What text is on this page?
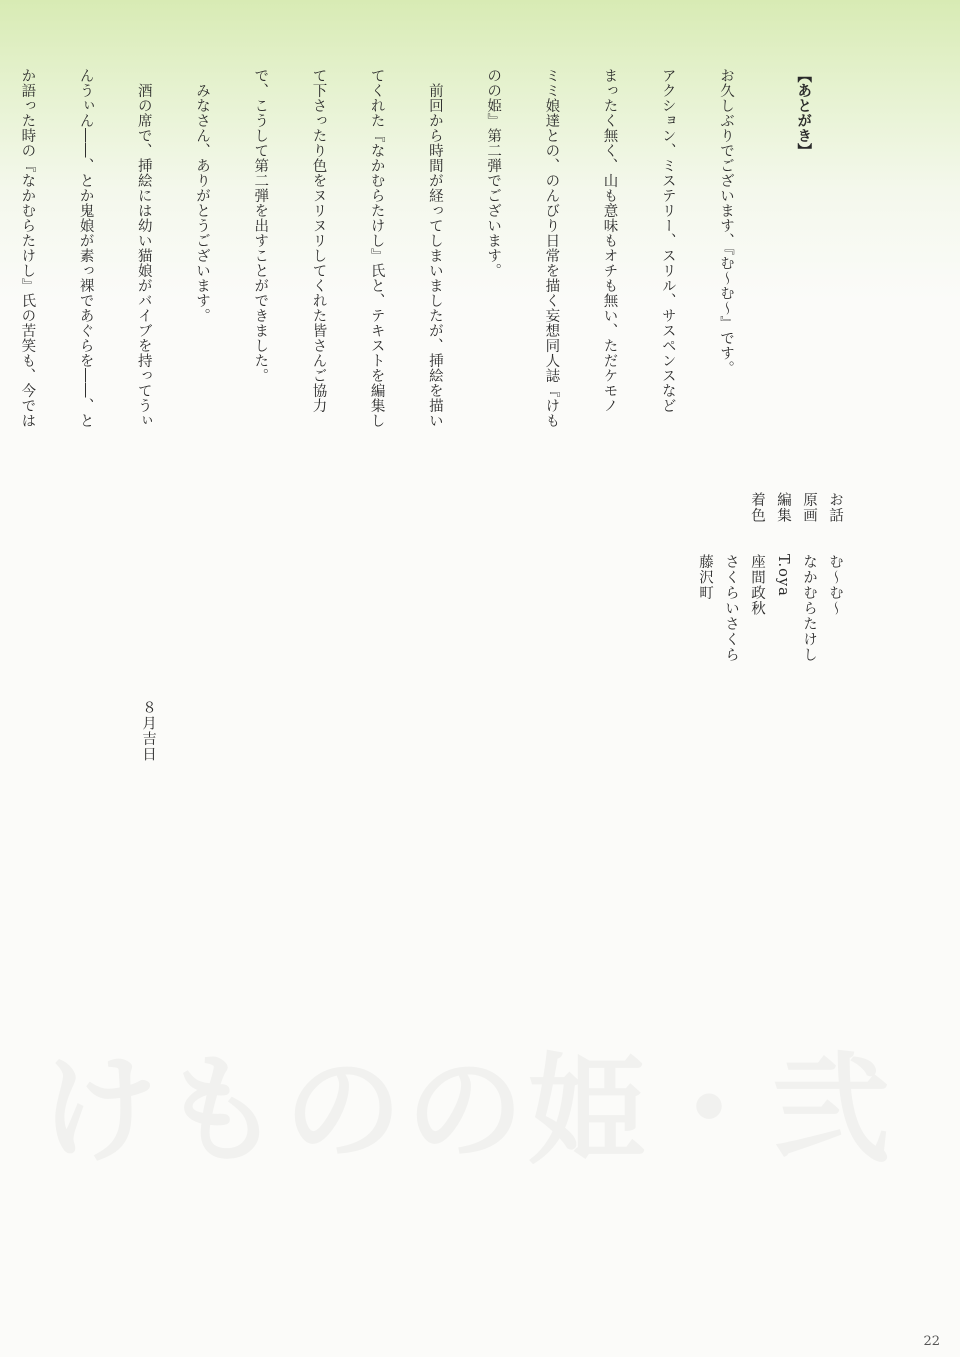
【あとがき】

お久しぶりでございます、『む〜む〜』です。

アクション、ミステリー、スリル、サスペンスなど

まったく無く、山も意味もオチも無い、ただケモノ

ミミ娘達との、のんびり日常を描く妄想同人誌『けも

のの姫』第二弾でございます。

　前回から時間が経ってしまいましたが、挿絵を描い

てくれた『なかむらたけし』氏と、テキストを編集し

て下さったり色をヌリヌリしてくれた皆さんご協力

で、こうして第二弾を出すことができました。

　みなさん、ありがとうございます。

　酒の席で、挿絵には幼い猫娘がバイブを持ってうぃ

んうぃん――、とか鬼娘が素っ裸であぐらを――、と

か語った時の『なかむらたけし』氏の苦笑も、今では

８月吉日
お話む〜む〜
原画なかむらたけし
編集T.oya
着色座間政秋
さくらいさくら
藤沢町
けものの姫・弐
22
